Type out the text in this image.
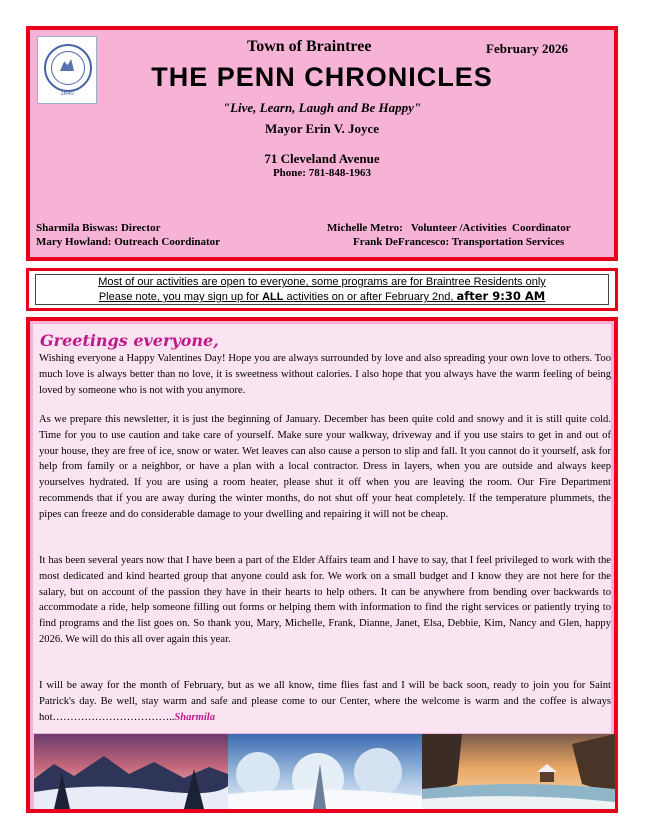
1640
Town of Braintree	February 2026
THE PENN CHRONICLES
"Live, Learn, Laugh and Be Happy"
Mayor Erin V. Joyce
71 Cleveland Avenue
Phone: 781-848-1963
Sharmila Biswas: Director	Michelle Metro:   Volunteer /Activities  Coordinator
Mary Howland: Outreach Coordinator	Frank DeFrancesco: Transportation Services
Most of our activities are open to everyone, some programs are for Braintree Residents only
Please note, you may sign up for ALL activities on or after February 2nd, after 9:30 AM
Greetings everyone,
Wishing everyone a Happy Valentines Day! Hope you are always surrounded by love and also spreading your own love to others. Too much love is always better than no love, it is sweetness without calories. I also hope that you always have the warm feeling of being loved by someone who is not with you anymore.
As we prepare this newsletter, it is just the beginning of January. December has been quite cold and snowy and it is still quite cold. Time for you to use caution and take care of yourself. Make sure your walkway, driveway and if you use stairs to get in and out of your house, they are free of ice, snow or water. Wet leaves can also cause a person to slip and fall. It you cannot do it yourself, ask for help from family or a neighbor, or have a plan with a local contractor. Dress in layers, when you are outside and always keep yourselves hydrated. If you are using a room heater, please shut it off when you are leaving the room. Our Fire Department recommends that if you are away during the winter months, do not shut off your heat completely. If the temperature plummets, the pipes can freeze and do considerable damage to your dwelling and repairing it will not be cheap.
It has been several years now that I have been a part of the Elder Affairs team and I have to say, that I feel privileged to work with the most dedicated and kind hearted group that anyone could ask for. We work on a small budget and I know they are not here for the salary, but on account of the passion they have in their hearts to help others. It can be anywhere from bending over backwards to accommodate a ride, help someone filling out forms or helping them with information to find the right services or patiently trying to find programs and the list goes on. So thank you, Mary, Michelle, Frank, Dianne, Janet, Elsa, Debbie, Kim, Nancy and Glen, happy 2026. We will do this all over again this year.
I will be away for the month of February, but as we all know, time flies fast and I will be back soon, ready to join you for Saint Patrick's day. Be well, stay warm and safe and please come to our Center, where the welcome is warm and the coffee is always hot……………………………..Sharmila
